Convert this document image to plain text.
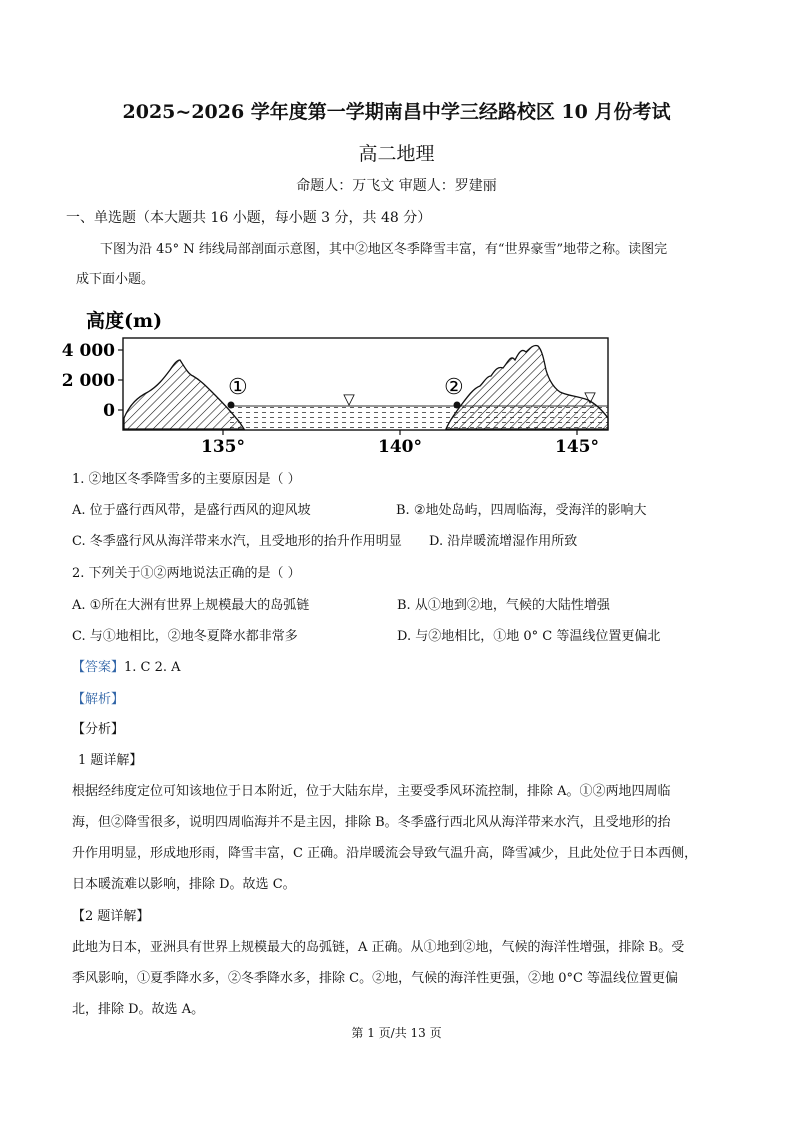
2025~2026 学年度第一学期南昌中学三经路校区 10 月份考试
高二地理
命题人：万飞文 审题人：罗建丽
一、单选题（本大题共 16 小题，每小题 3 分，共 48 分）
下图为沿 45° N 纬线局部剖面示意图，其中②地区冬季降雪丰富，有“世界豪雪”地带之称。读图完
成下面小题。
高度(m)
4 000
2 000
0
①	②
▽	▽
135°	140°	145°
1. ②地区冬季降雪多的主要原因是（ ）
A. 位于盛行西风带，是盛行西风的迎风坡	B. ②地处岛屿，四周临海，受海洋的影响大
C. 冬季盛行风从海洋带来水汽，且受地形的抬升作用明显 D. 沿岸暖流增湿作用所致
2. 下列关于①②两地说法正确的是（ ）
A. ①所在大洲有世界上规模最大的岛弧链	B. 从①地到②地，气候的大陆性增强
C. 与①地相比，②地冬夏降水都非常多	D. 与②地相比，①地 0° C 等温线位置更偏北
【答案】1. C 2. A
【解析】
【分析】
1 题详解】
根据经纬度定位可知该地位于日本附近，位于大陆东岸，主要受季风环流控制，排除 A。①②两地四周临
海，但②降雪很多，说明四周临海并不是主因，排除 B。冬季盛行西北风从海洋带来水汽，且受地形的抬
升作用明显，形成地形雨，降雪丰富，C 正确。沿岸暖流会导致气温升高，降雪减少，且此处位于日本西侧，
日本暖流难以影响，排除 D。故选 C。
【2 题详解】
此地为日本，亚洲具有世界上规模最大的岛弧链，A 正确。从①地到②地，气候的海洋性增强，排除 B。受
季风影响，①夏季降水多，②冬季降水多，排除 C。②地，气候的海洋性更强，②地 0°C 等温线位置更偏
北，排除 D。故选 A。
第 1 页/共 13 页
